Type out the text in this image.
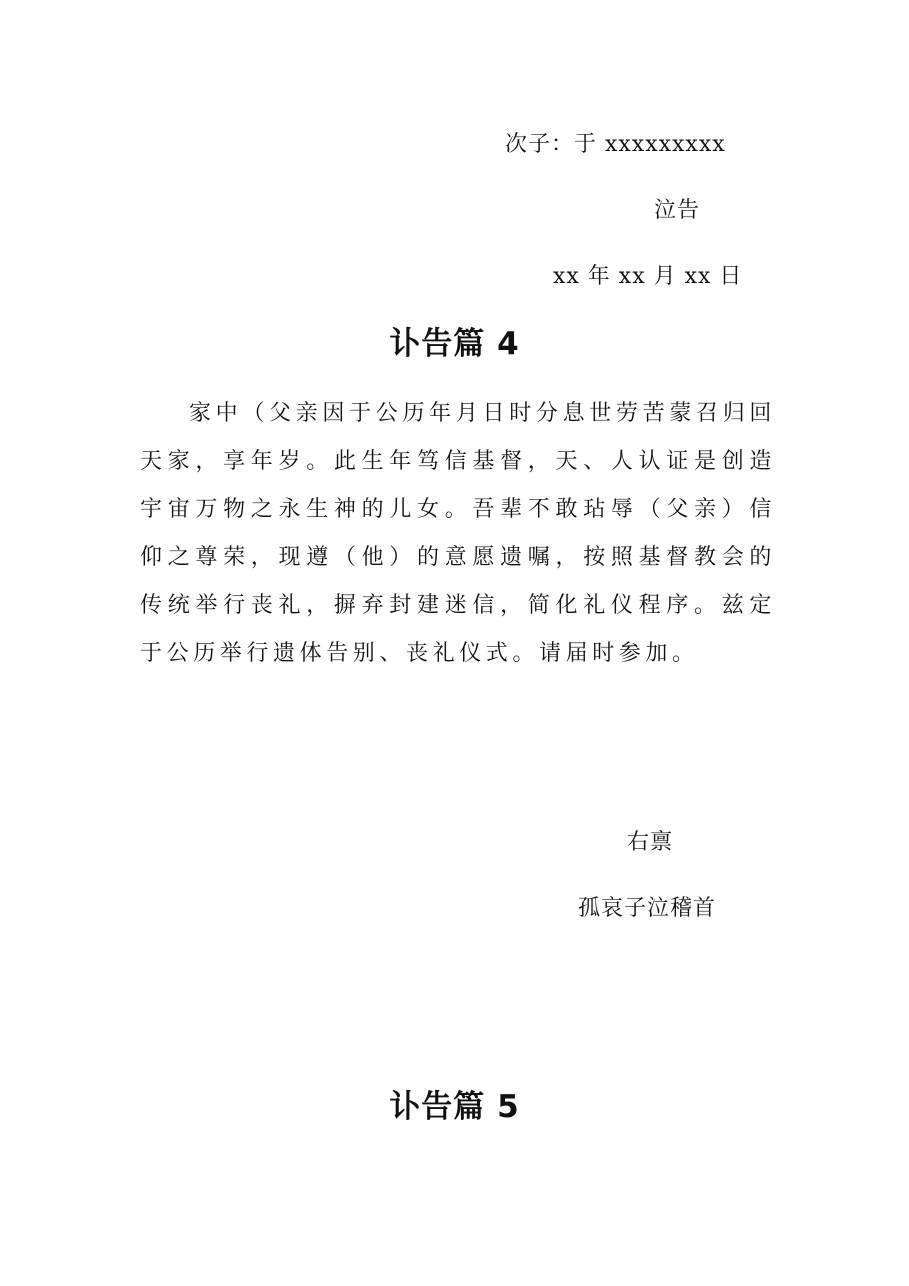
次子：于 xxxxxxxxx
泣告
xx 年 xx 月 xx 日
讣告篇 4
家中（父亲因于公历年月日时分息世劳苦蒙召归回天家，享年岁。此生年笃信基督，天、人认证是创造宇宙万物之永生神的儿女。吾辈不敢玷辱（父亲）信仰之尊荣，现遵（他）的意愿遗嘱，按照基督教会的传统举行丧礼，摒弃封建迷信，简化礼仪程序。兹定于公历举行遗体告别、丧礼仪式。请届时参加。
右禀
孤哀子泣稽首
讣告篇 5
